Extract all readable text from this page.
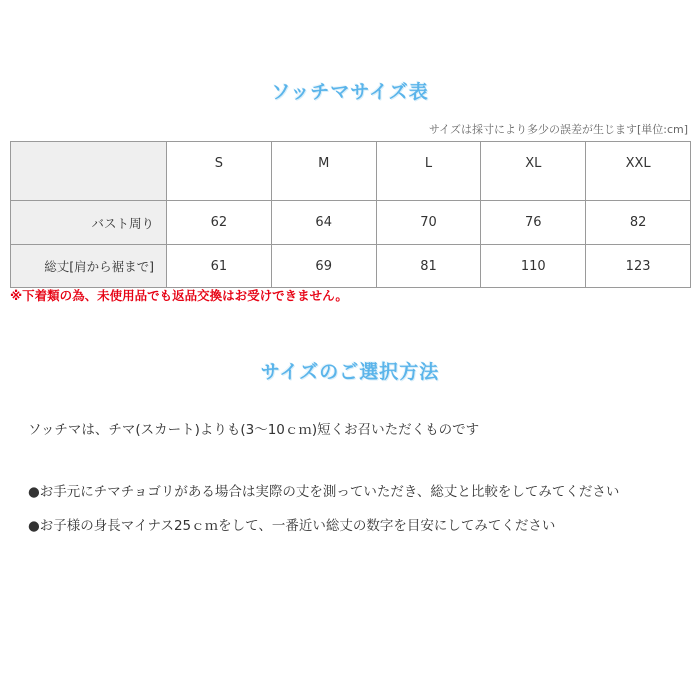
ソッチマサイズ表
サイズは採寸により多少の誤差が生じます[単位:cm]
	S	M	L	XL	XXL
バスト周り	62	64	70	76	82
総丈[肩から裾まで]	61	69	81	110	123
※下着類の為、未使用品でも返品交換はお受けできません。
サイズのご選択方法
ソッチマは、チマ(スカート)よりも(3〜10ｃｍ)短くお召いただくものです
●お手元にチマチョゴリがある場合は実際の丈を測っていただき、総丈と比較をしてみてください
●お子様の身長マイナス25ｃｍをして、一番近い総丈の数字を目安にしてみてください
